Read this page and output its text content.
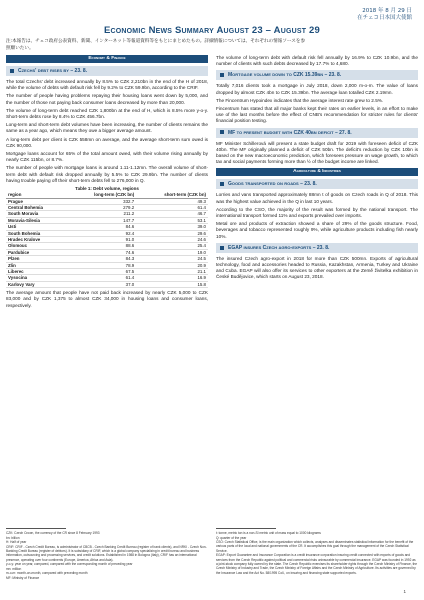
2018 年 8 月 29 日
在チェコ日本国大使館
Economic News Summary August 23 – August 29
注:本報告は、チェコ政府公表資料、新聞、インターネット等報道資料等をもとにまとめたもの。詳細情報については、それぞれの情報ソースを参照願いたい。
Economy & Finance
Czechs' debt rises by – 23. 8.

The total Czechs' debt increased annually by 8.5% to CZK 2,210bn in the end of the H of 2018, while the volume of debts with default risk fell by 9.2% to CZK 59.9bn, according to the CRIF.

The number of people having problems repaying their housing loans went down by 5,000, and the number of those not paying back consumer loans decreased by more than 20,000.

The volume of long-term debt reached CZK 1,800bn at the end of H, which is 8.5% more y-o-y. Short-term debts rose by 8.4% to CZK 456.7bn.

Long-term and short-term debt volumes have been increasing, the number of clients remains the same as a year ago, which means they owe a bigger average amount.

A long-term debt per client is CZK 558mn on average, and the average short-term sum owed is CZK 90,000.

Mortgage loans account for 65% of the total amount owed, with their volume rising annually by nearly CZK 115bn, or 8.7%.

The number of people with mortgage loans is around 1.11-1.12mn. The overall volume of short-term debt with default risk dropped annually by 5.5% to CZK 29.9bn. The number of clients having trouble paying off their short-term debts fell to 276,000 in Q.

Table 1: Debt volume, regions
region	long-term (CZK bn)	short-term (CZK bn)
Prague	332.7	49.3
Central Bohemia	279.2	61.4
South Moravia	211.2	46.7
Moravia-Silesia	147.7	53.1
Usti	84.6	39.0
South Bohemia	92.4	29.6
Hradec Kralove	91.0	24.6
Olomouc	88.6	25.4
Pardubice	74.6	19.0
Plzen	84.3	24.5
Zlin	78.9	20.9
Liberec	67.5	21.1
Vysocina	61.4	16.9
Karlovy Vary	37.0	15.8

The average amount that people have not paid back increased by nearly CZK 5,000 to CZK 83,000 and by CZK 1,375 to almost CZK 34,000 in housing loans and consumer loans, respectively.

The volume of long-term debt with default risk fell annually by 16.9% to CZK 10.9bn, and the number of clients with such debts decreased by 17.7% to 4,680.

Mortgage volume down to CZK 15.39bn – 23. 8.

Totally 7,016 clients took a mortgage in July 2018, down 2,000 m-o-m. The value of loans dropped by almost CZK 4bn to CZK 15.39bn. The average loan totalled CZK 2.19mn.

The Fincentrum Hypoindex indicates that the average interest rate grew to 2.5%.

Fincentrum has stated that all major banks kept their rates on earlier levels, in an effort to make use of the last months before the effect of CNB's recommendation for stricter rules for clients' financial position testing.

MF to present budget with CZK 40bn deficit – 27. 8.

MF Minister Schillerová will present a state budget draft for 2019 with foreseen deficit of CZK 40bn. The MF originally planned a deficit of CZK 50bn. The deficit's reduction by CZK 10bn is based on the new macroeconomic prediction, which foresees pressure on wage growth, to which tax and social payments forming more than ½ of the budget income are linked.

Agriculture & Industries
Goods transported on roads – 23. 8.

Lorries and vans transported approximately 88mn t of goods on Czech roads in Q of 2018. This was the highest value achieved in the Q in last 10 years.

According to the CSO, the majority of the result was formed by the national transport. The international transport formed 11% and exports prevailed over imports.

Metal ore and products of extraction showed a share of 29% of the goods structure. Food, beverages and tobacco represented roughly 9%, while agriculture products including fish nearly 10%.

EGAP insures Czech agro-exports – 23. 8.

The insured Czech agro-export in 2018 for more than CZK 500mn. Exports of agricultural technology, food and accessories headed to Russia, Kazakhstan, Armenia, Turkey and Ukraine and Cuba. EGAP will also offer its services to other exporters at the Země živitelka exhibition in České Budějovice, which starts on August 23, 2018.

CZK: Czech Crown, the currency of the CR since 8 February 1993
bn: billion
H: Half of year
CRIF: CRIF - Czech Credit Bureau, is administrator of CBCB - Czech Banking Credit Bureau (register of bank clients), and NRKI - Czech Non-Banking Credit Bureau (register of debtors). It is subsidiary of CRIF, which is a global company specializing in credit bureau and business information, outsourcing and processing services, and credit solutions. Established in 1988 in Bologna (Italy), CRIF has an international presence, operating over four continents (Europe, America, Africa and Asia).
y-o-y: year on year, compared, compared with the corresponding month of preceding year
mn: million
m-o-m: month-on-month, compared with preceding month
MF: Ministry of Finance
t: tonne, metric ton is a non-SI metric unit of mass equal to 1000 kilograms
Q: quarter of the year
CSO: Czech Statistical Office, is the main organization which collects, analyses and disseminates statistical information for the benefit of the various parts of the local and national governments of the CR. It accomplishes this goal through the management of the Czech Statistical Service.
EGAP: Export Guarantee and Insurance Corporation is a credit insurance corporation insuring credit connected with exports of goods and services from the Czech Republic against political and commercial risks uninsurable by commercial insurance. EGAP was founded in 1992 as a joint-stock company fully owned by the state. The Czech Republic exercises its shareholder rights through the Czech Ministry of Finance, the Czech Ministry of Industry and Trade, the Czech Ministry of Foreign Affairs and the Czech Ministry of Agriculture. Its activities are governed by the Insurance Law and the Act No. 58/1995 Coll., on insuring and financing state supported exports.
1
